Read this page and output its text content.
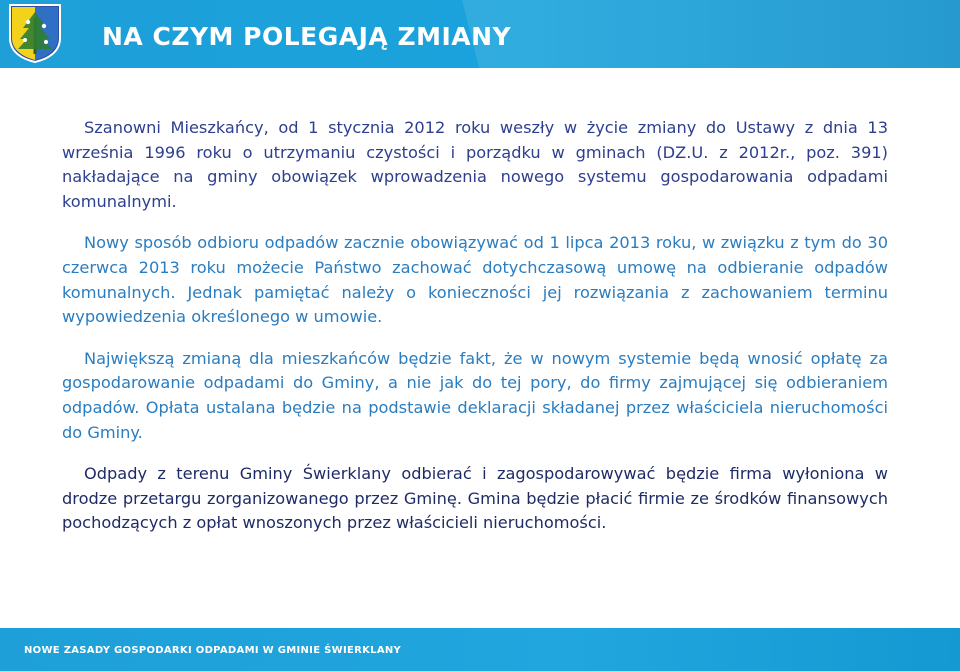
NA CZYM POLEGAJĄ ZMIANY

Szanowni Mieszkańcy, od 1 stycznia 2012 roku weszły w życie zmiany do Ustawy z dnia 13 września 1996 roku o utrzymaniu czystości i porządku w gminach (DZ.U. z 2012r., poz. 391) nakładające na gminy obowiązek wprowadzenia nowego systemu gospodarowania odpadami komunalnymi.

Nowy sposób odbioru odpadów zacznie obowiązywać od 1 lipca 2013 roku, w związku z tym do 30 czerwca 2013 roku możecie Państwo zachować dotychczasową umowę na odbieranie odpadów komunalnych. Jednak pamiętać należy o konieczności jej rozwiązania z zachowaniem terminu wypowiedzenia określonego w umowie.

Największą zmianą dla mieszkańców będzie fakt, że w nowym systemie będą wnosić opłatę za gospodarowanie odpadami do Gminy, a nie jak do tej pory, do firmy zajmującej się odbieraniem odpadów. Opłata ustalana będzie na podstawie deklaracji składanej przez właściciela nieruchomości do Gminy.

Odpady z terenu Gminy Świerklany odbierać i zagospodarowywać będzie firma wyłoniona w drodze przetargu zorganizowanego przez Gminę. Gmina będzie płacić firmie ze środków finansowych pochodzących z opłat wnoszonych przez właścicieli nieruchomości.

NOWE ZASADY GOSPODARKI ODPADAMI W GMINIE ŚWIERKLANY
